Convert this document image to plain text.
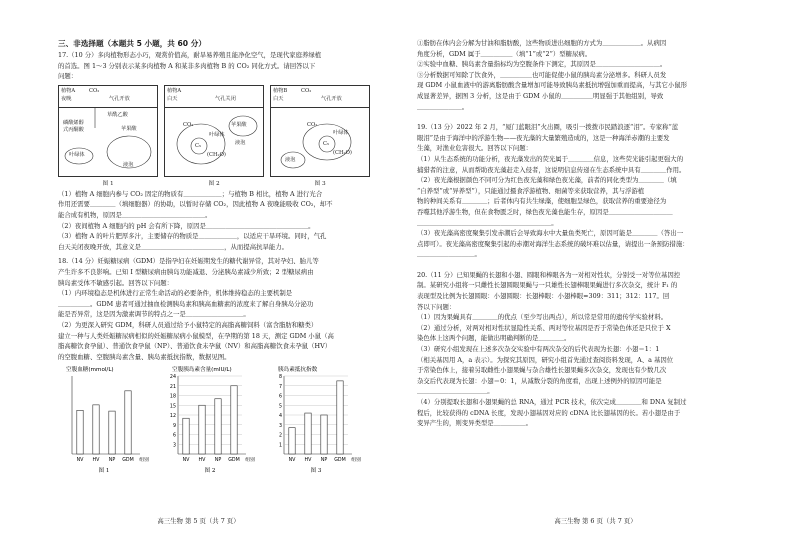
三、非选择题（本题共 5 小题，共 60 分）

17.（10 分）多肉植物形态小巧，观赏价值高，耐旱易养殖且能净化空气，是现代家庭养绿植

的首选。图 1～3 分别表示某多肉植物 A 和某非多肉植物 B 的 CO₂ 同化方式。请回答以下

问题：

植物A	CO₂
夜晚	气孔开放
磷酸烯醇
式丙酮酸
草酰乙酸
苹果酸
叶绿体
液泡
图 1
植物A
白天	气孔关闭
苹果酸
CO₂
C₅
叶绿体
(CH₂O)
液泡
图 2
植物B	CO₂
白天	气孔开放
CO₂
C₅
叶绿体
(CH₂O)
液泡
图 3

（1）植物 A 细胞内参与 CO₂ 固定的物质有＿＿＿＿＿＿；与植物 B 相比，植物 A 进行光合

作用还需要＿＿＿＿（填细胞器）的协助，以暂时存储 CO₂，因此植物 A 夜晚能吸收 CO₂，却不

能合成有机物，原因是＿＿＿＿＿＿＿＿＿＿＿＿＿。

（2）夜间植物 A 细胞内的 pH 会有所下降，原因是＿＿＿＿＿＿＿＿＿＿＿＿＿＿＿＿。

（3）植物 A 的叶片肥厚多汁，主要储存的物质是＿＿＿＿＿＿，以适应干旱环境。同时，气孔

白天关闭夜晚开放，其意义是＿＿＿＿＿＿＿＿＿＿＿＿＿，从而提高抗旱能力。

18.（14 分）妊娠糖尿病（GDM）是指孕妇在妊娠期发生的糖代谢异常，其对孕妇、胎儿等

产生许多不良影响。已知 Ⅰ 型糖尿病由胰岛功能减退、分泌胰岛素减少所致；2 型糖尿病由

胰岛素受体不敏感引起。回答以下问题：

（1）内环境稳态是机体进行正常生命活动的必要条件，机体维持稳态的主要机制是

＿＿＿＿＿。GDM 患者可通过抽血检测胰岛素和胰高血糖素的浓度来了解自身胰岛分泌功

能是否异常，这是因为激素调节的特点之一是＿＿＿＿＿＿＿＿＿。

（2）为更深入研究 GDM，科研人员通过给予小鼠特定的高脂高糖饲料（富含脂肪和糖类）

建立一种与人类妊娠糖尿病相似的妊娠糖尿病小鼠模型，在孕期的第 18 天，测定 GDM 小鼠（高

脂高糖饮食孕鼠）、普通饮食孕鼠（NP）、普通饮食未孕鼠（NV）和高脂高糖饮食未孕鼠（HV）

的空腹血糖、空腹胰岛素含量、胰岛素抵抗指数，数据见图。

空腹血糖(mmol/L)
NV HV NP GDM 组别
图 1
空腹胰岛素含量(mIU/L)
3
6
9
12
15
18
21
24
NV HV NP GDM 组别
图 2
胰岛素抵抗指数
1
2
3
4
5
6
7
8
NV HV NP GDM 组别
图 3
高三生物 第 5 页（共 7 页）

①脂肪在体内会分解为甘油和脂肪酸，这些物质进出细胞的方式为＿＿＿＿＿＿。从病因

角度分析，GDM 属于＿＿＿＿＿（填“1”或“2”）型糖尿病。

②实验中血糖、胰岛素含量指标均为空腹条件下测定，其原因是＿＿＿＿＿＿＿＿＿＿。

③分析数据可知除了饮食外，＿＿＿＿＿也可能促使小鼠的胰岛素分泌增多。科研人员发

现 GDM 小鼠血液中的游离脂肪酸含量增加可能导致胰岛素抵抗增强加重而提高，与其它小鼠形

成显著差异，据图 3 分析，这是由于 GDM 小鼠的＿＿＿＿＿明显强于其他组别，导致

＿＿＿＿＿＿＿。

19.（13 分）2022 年 2 月，“厦门蓝眼泪”火出圈，吸引一拨拨市民踏浪逐“泪”。专家称“蓝

眼泪”是由于海洋中的浮游生物——夜光藻的大量繁殖造成的，这是一种海洋赤潮的主要发

生藻，对渔业危害很大。回答以下问题：

（1）从生态系统的功能分析，夜光藻发出的荧光属于＿＿＿＿信息，这些荧光能引起更强大的

捕猎者的注意，从而帮助夜光藻赶走入侵者，这说明信息传递在生态系统中具有＿＿＿＿作用。

（2）夜光藻根据颜色不同可分为红色夜光藻和绿色夜光藻，前者的同化类型为＿＿＿＿（填

“自养型”或“异养型”），只能通过摄食浮游植物、细菌等来获取营养，其与浮游植

物的种间关系有＿＿＿＿；后者体内有共生绿藻，使细胞呈绿色，获取营养的重要途径为

吞噬其他浮游生物，但在食物匮乏时，绿色夜光藻也能生存，原因是＿＿＿＿＿＿＿＿＿＿

＿＿＿＿＿＿＿＿＿＿＿＿＿＿＿＿＿＿＿＿＿。

（3）夜光藻高密度聚集引发赤潮后会导致海水中大量鱼类死亡，原因可能是＿＿＿＿（答出一

点即可）。夜光藻高密度聚集引起的赤潮对海洋生态系统的破坏难以估量，请提出一条预防措施：

＿＿＿＿＿＿＿＿＿。

20.（11 分）已知果蝇的长翅和小翅、圆眼和棒眼各为一对相对性状，分别受一对等位基因控

制。某研究小组将一只雌性长翅圆眼果蝇与一只雄性长翅棒眼果蝇进行多次杂交，统计 F₁ 的

表现型及比例为长翅圆眼：小翅圆眼：长翅棒眼：小翅棒眼=309：311；312：117。回

答以下问题：

（1）因为果蝇具有＿＿＿＿的优点（至少写出两点），所以常是常用的遗传学实验材料。

（2）通过分析，对两对相对性状显隐性关系、两对等位基因是否于常染色体还是只位于 X

染色体上这两个问题，能做出明确判断的是＿＿＿＿。

（3）研究小组发现在上述多次杂交实验中有两次杂交的后代表现为长翅：小翅＝1：1

（相关基因用 A，a 表示）。为探究其原因，研究小组首先通过查阅资料发现，A、a 基因位

于常染色体上，接着另取雌性小翅果蝇与杂合雄性长翅果蝇多次杂交，发现也有少数几次

杂交后代表现为长翅：小翅＝0：1，从减数分裂的角度看，出现上述例外的原因可能是

＿＿＿＿＿＿＿＿＿＿＿。

（4）分别提取长翅和小翅果蝇的总 RNA，通过 PCR 技术，依次完成＿＿＿＿和 DNA 复制过

程后，比较获得的 cDNA 长度，发现小翅基因对应的 cDNA 比长翅基因的长。若小翅是由于

变异产生的，则变异类型是＿＿＿＿＿。

高三生物 第 6 页（共 7 页）
